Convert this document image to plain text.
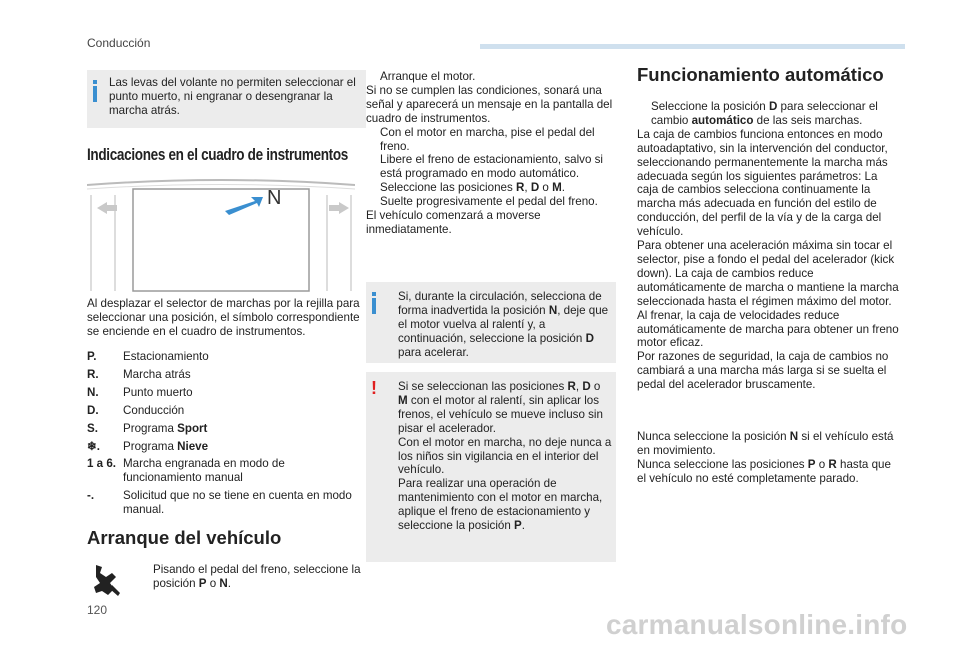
Conducción

Las levas del volante no permiten seleccionar el punto muerto, ni engranar o desengranar la marcha atrás.

Indicaciones en el cuadro de instrumentos
N

Al desplazar el selector de marchas por la rejilla para seleccionar una posición, el símbolo correspondiente se enciende en el cuadro de instrumentos.

P.	Estacionamiento
R.	Marcha atrás
N.	Punto muerto
D.	Conducción
S.	Programa Sport
❄.	Programa Nieve
1 a 6. Marcha engranada en modo de funcionamiento manual
-.	Solicitud que no se tiene en cuenta en modo manual.
Arranque del vehículo
Pisando el pedal del freno, seleccione la posición P o N.
Arranque el motor.

Si no se cumplen las condiciones, sonará una señal y aparecerá un mensaje en la pantalla del cuadro de instrumentos.

Con el motor en marcha, pise el pedal del freno.
Libere el freno de estacionamiento, salvo si está programado en modo automático.
Seleccione las posiciones R, D o M.
Suelte progresivamente el pedal del freno.

El vehículo comenzará a moverse inmediatamente.

Si, durante la circulación, selecciona de forma inadvertida la posición N, deje que el motor vuelva al ralentí y, a continuación, seleccione la posición D para acelerar.

! Si se seleccionan las posiciones R, D o M con el motor al ralentí, sin aplicar los frenos, el vehículo se mueve incluso sin pisar el acelerador.

Con el motor en marcha, no deje nunca a los niños sin vigilancia en el interior del vehículo.

Para realizar una operación de mantenimiento con el motor en marcha, aplique el freno de estacionamiento y seleccione la posición P.

Funcionamiento automático
Seleccione la posición D para seleccionar el cambio automático de las seis marchas.

La caja de cambios funciona entonces en modo autoadaptativo, sin la intervención del conductor, seleccionando permanentemente la marcha más adecuada según los siguientes parámetros: La caja de cambios selecciona continuamente la marcha más adecuada en función del estilo de conducción, del perfil de la vía y de la carga del vehículo.

Para obtener una aceleración máxima sin tocar el selector, pise a fondo el pedal del acelerador (kick down). La caja de cambios reduce automáticamente de marcha o mantiene la marcha seleccionada hasta el régimen máximo del motor.

Al frenar, la caja de velocidades reduce automáticamente de marcha para obtener un freno motor eficaz.

Por razones de seguridad, la caja de cambios no cambiará a una marcha más larga si se suelta el pedal del acelerador bruscamente.

Nunca seleccione la posición N si el vehículo está en movimiento.

Nunca seleccione las posiciones P o R hasta que el vehículo no esté completamente parado.

120	carmanualsonline.info
